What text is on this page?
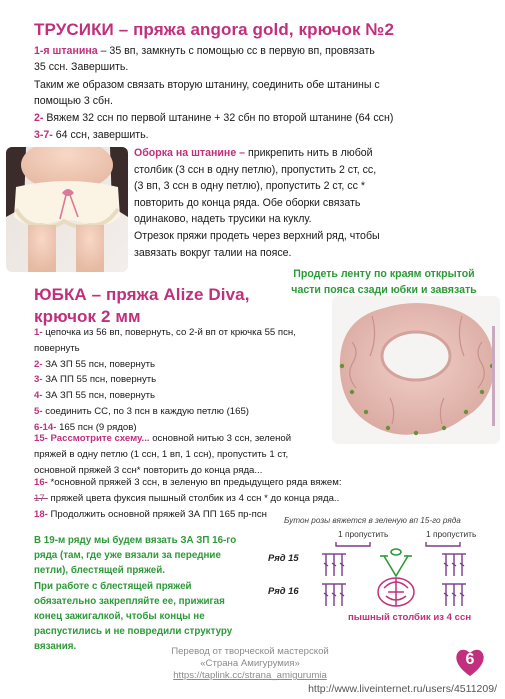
ТРУСИКИ – пряжа angora gold, крючок №2
1-я штанина – 35 вп, замкнуть с помощью сс в первую вп, провязать
35 ссн. Завершить.
Таким же образом связать вторую штанину, соединить обе штанины с
помощью 3 сбн.
2- Вяжем 32 ссн по первой штанине + 32 сбн по второй штанине (64 ссн)
3-7- 64 ссн, завершить.
Оборка на штанине – прикрепить нить в любой
столбик (3 ссн в одну петлю), пропустить 2 ст, сс,
(3 вп, 3 ссн в одну петлю), пропустить 2 ст, сс *
повторить до конца ряда. Обе оборки связать
одинаково, надеть трусики на куклу.
Отрезок пряжи продеть через верхний ряд, чтобы
завязать вокруг талии на поясе.
Продеть ленту по краям открытой
части пояса сзади юбки и завязать
ЮБКА – пряжа Alize Diva,
крючок 2 мм
1- цепочка из 56 вп, повернуть, со 2-й вп от крючка 55 псн,
повернуть
2- ЗА ЗП 55 псн, повернуть
3- ЗА ПП 55 псн, повернуть
4- ЗА ЗП 55 псн, повернуть
5- соединить СС, по 3 псн в каждую петлю (165)
6-14- 165 псн (9 рядов)
15- Рассмотрите схему... основной нитью 3 ссн, зеленой
пряжей в одну петлю (1 ссн, 1 вп, 1 ссн), пропустить 1 ст,
основной пряжей 3 ссн* повторить до конца ряда...
16- *основной пряжей 3 ссн, в зеленую вп предыдущего ряда вяжем:
17- пряжей цвета фуксия пышный столбик из 4 ссн * до конца ряда..
18- Продолжить основной пряжей ЗА ПП 165 пр-псн
В 19-м ряду мы будем вязать ЗА ЗП 16-го
ряда (там, где уже вязали за передние
петли), блестящей пряжей.
При работе с блестящей пряжей
обязательно закрепляйте ее, прижигая
конец зажигалкой, чтобы концы не
распустились и не повредили структуру
вязания.
Бутон розы вяжется в зеленую вп 15-го ряда
1 пропустить	1 пропустить
Ряд 15
Ряд 16
пышный столбик из 4 ссн
Перевод от творческой мастерской
«Страна Амигурумия»
https://taplink.cc/strana_amigurumia
6
http://www.liveinternet.ru/users/4511209/
